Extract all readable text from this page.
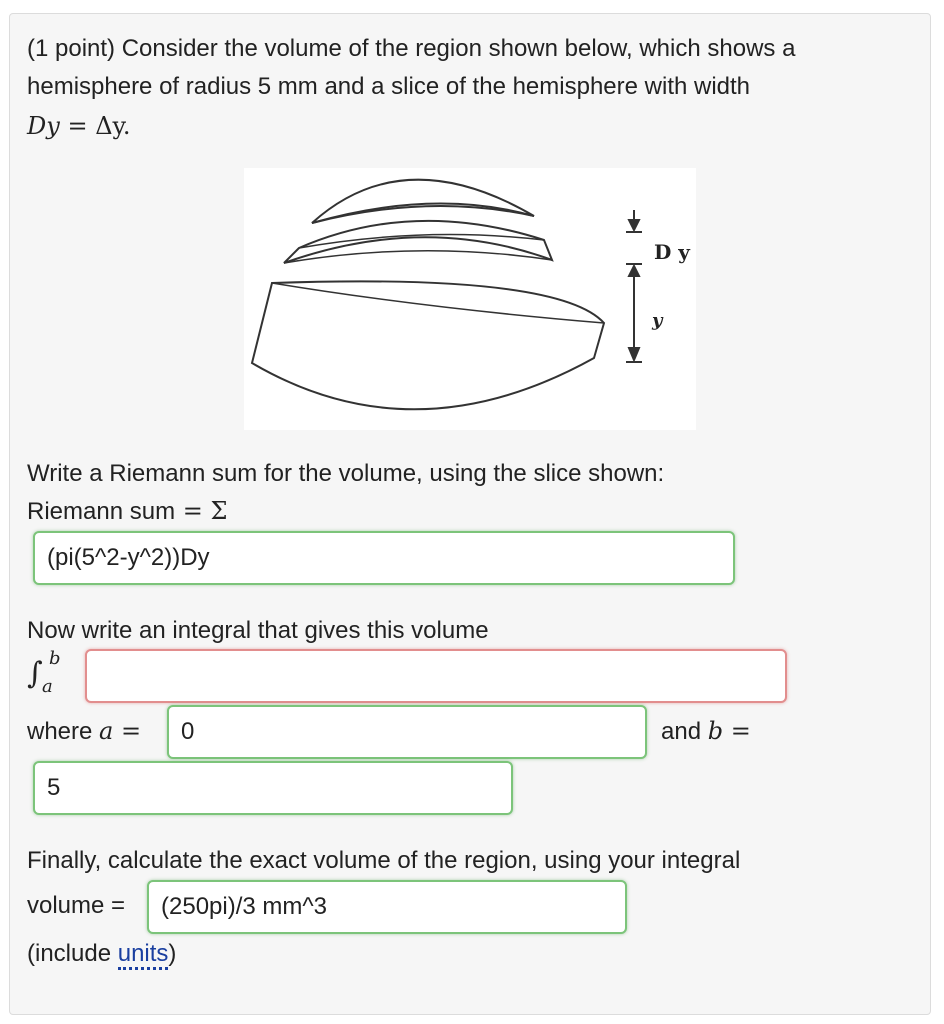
(1 point) Consider the volume of the region shown below, which shows a
hemisphere of radius 5 mm and a slice of the hemisphere with width
Dy = Δy.
D y
y
Write a Riemann sum for the volume, using the slice shown:
Riemann sum = Σ
(pi(5^2-y^2))Dy
Now write an integral that gives this volume
∫ b
a
where a =	0	and b =
5
Finally, calculate the exact volume of the region, using your integral
volume =	(250pi)/3 mm^3
(include units)
